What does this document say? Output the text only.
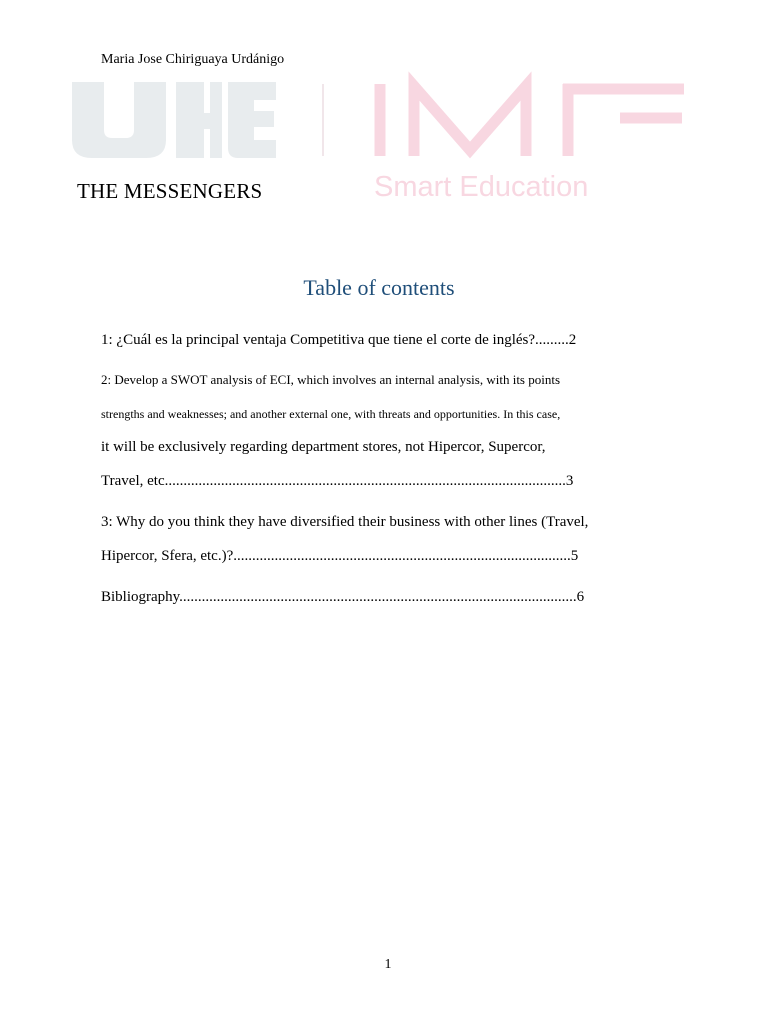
Maria Jose Chiriguaya Urdánigo
Smart Education
THE MESSENGERS
Table of contents
1: ¿Cuál es la principal ventaja Competitiva que tiene el corte de inglés?.........2
2: Develop a SWOT analysis of ECI, which involves an internal analysis, with its points
strengths and weaknesses; and another external one, with threats and opportunities. In this case,
it will be exclusively regarding department stores, not Hipercor, Supercor,
Travel, etc...........................................................................................................3
3: Why do you think they have diversified their business with other lines (Travel,
Hipercor, Sfera, etc.)?..........................................................................................5
Bibliography..........................................................................................................6
1
